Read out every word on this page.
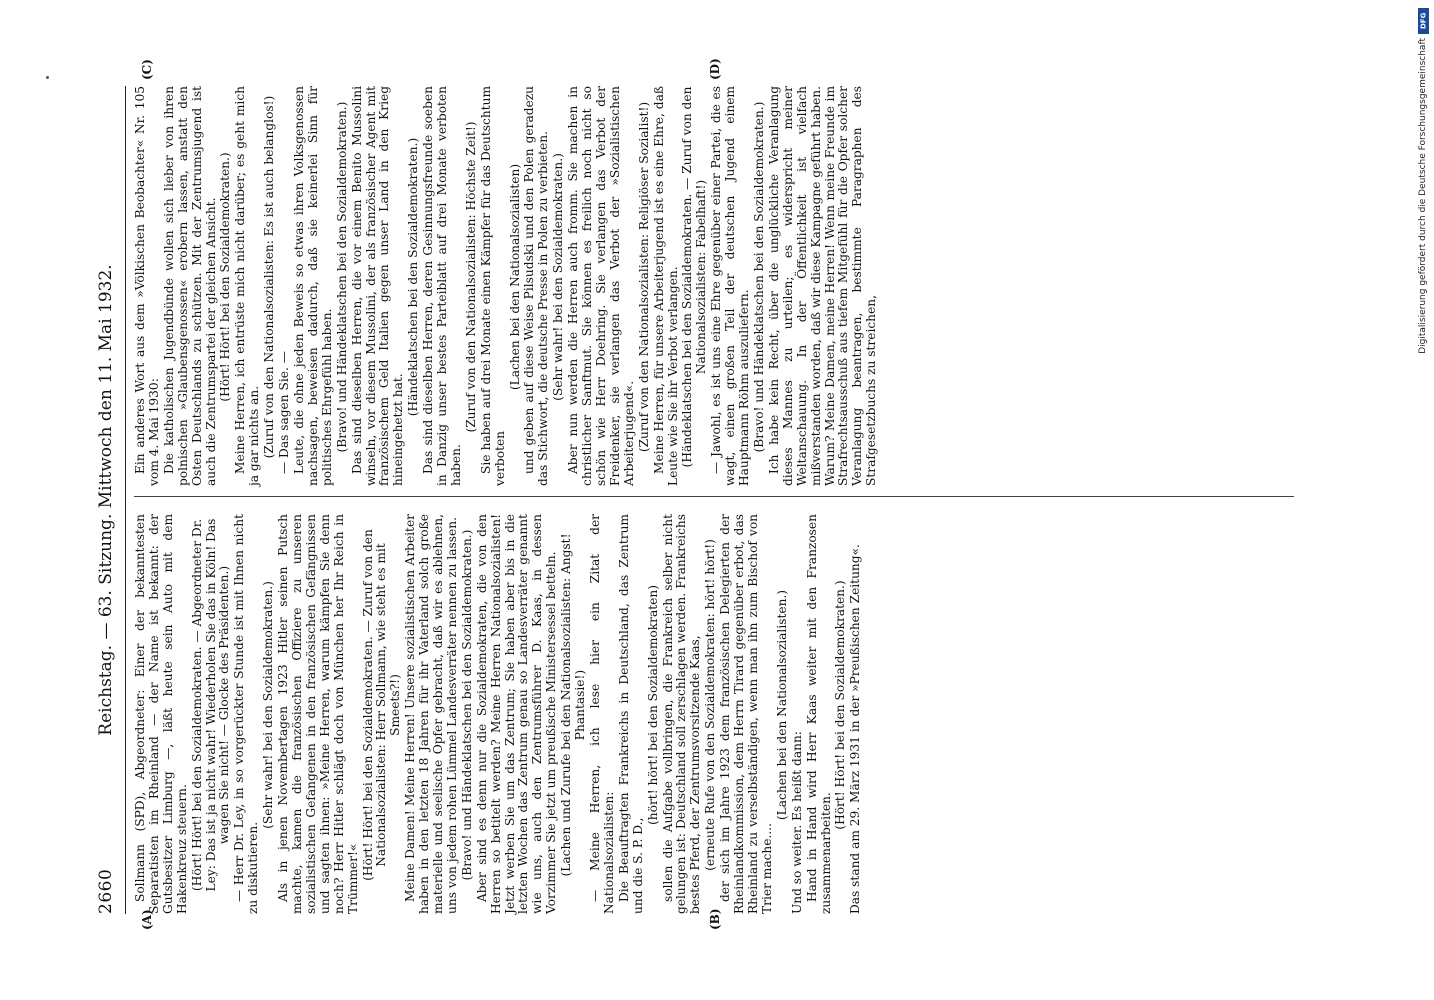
2660
Reichstag. — 63. Sitzung. Mittwoch den 11. Mai 1932.
(A)	(B)
(C)	(D)

Sollmann (SPD), Abgeordneter: Einer der bekanntesten Separatisten im Rheinland — der Name ist bekannt: der Gutsbesitzer Limburg —, läßt heute sein Auto mit dem Hakenkreuz steuern. (Hört! Hört! bei den Sozialdemokraten. — Abgeordneter Dr. Ley: Das ist ja nicht wahr! Wiederholen Sie das in Köln! Das wagen Sie nicht! — Glocke des Präsidenten.) — Herr Dr. Ley, in so vorgerückter Stunde ist mit Ihnen nicht zu diskutieren.

(Sehr wahr! bei den Sozialdemokraten.) Als in jenen Novembertagen 1923 Hitler seinen Putsch machte, kamen die französischen Offiziere zu unseren sozialistischen Gefangenen in den französischen Gefängnissen und sagten ihnen: »Meine Herren, warum kämpfen Sie denn noch? Herr Hitler schlägt doch von München her Ihr Reich in Trümmer!« (Hört! Hört! bei den Sozialdemokraten. — Zuruf von den Nationalsozialisten: Herr Sollmann, wie steht es mit Smeets?!) Meine Damen! Meine Herren! Unsere sozialistischen Arbeiter haben in den letzten 18 Jahren für ihr Vaterland solch große materielle und seelische Opfer gebracht, daß wir es ablehnen, uns von jedem rohen Lümmel Landesverräter nennen zu lassen. (Bravo! und Händeklatschen bei den Sozialdemokraten.) Aber sind es denn nur die Sozialdemokraten, die von den Herren so betitelt werden? Meine Herren Nationalsozialisten! Jetzt werben Sie um das Zentrum; Sie haben aber bis in die letzten Wochen das Zentrum genau so Landesverräter genannt wie uns, auch den Zentrumsführer D. Kaas, in dessen Vorzimmer Sie jetzt um preußische Ministersessel betteln. (Lachen und Zurufe bei den Nationalsozialisten: Angst! Phantasie!) — Meine Herren, ich lese hier ein Zitat der Nationalsozialisten: Die Beauftragten Frankreichs in Deutschland, das Zentrum und die S. P. D.,

(hört! hört! bei den Sozialdemokraten) sollen die Aufgabe vollbringen, die Frankreich selber nicht gelungen ist: Deutschland soll zerschlagen werden. Frankreichs bestes Pferd, der Zentrumsvorsitzende Kaas, (erneute Rufe von den Sozialdemokraten: hört! hört!) der sich im Jahre 1923 dem französischen Delegierten der Rheinlandkommission, dem Herrn Tirard gegenüber erbot, das Rheinland zu verselbständigen, wenn man ihn zum Bischof von Trier mache....

(Lachen bei den Nationalsozialisten.)

Und so weiter. Es heißt dann: Hand in Hand wird Herr Kaas weiter mit den Franzosen zusammenarbeiten.

(Hört! Hört! bei den Sozialdemokraten.) Das stand am 29. März 1931 in der »Preußischen Zeitung«.

Ein anderes Wort aus dem »Völkischen Beobachter« Nr. 105 vom 4. Mai 1930: Die katholischen Jugendbünde wollen sich lieber von ihren polnischen »Glaubensgenossen« erobern lassen, anstatt den Osten Deutschlands zu schützen. Mit der Zentrumsjugend ist auch die Zentrumspartei der gleichen Ansicht. (Hört! Hört! bei den Sozialdemokraten.) Meine Herren, ich entrüste mich nicht darüber; es geht mich ja gar nichts an. (Zuruf von den Nationalsozialisten: Es ist auch belanglos!) — Das sagen Sie. — Leute, die ohne jeden Beweis so etwas ihren Volksgenossen nachsagen, beweisen dadurch, daß sie keinerlei Sinn für politisches Ehrgefühl haben. (Bravo! und Händeklatschen bei den Sozialdemokraten.) Das sind dieselben Herren, die vor einem Benito Mussolini winseln, vor diesem Mussolini, der als französischer Agent mit französischem Geld Italien gegen unser Land in den Krieg hineingehetzt hat.

(Händeklatschen bei den Sozialdemokraten.) Das sind dieselben Herren, deren Gesinnungsfreunde soeben in Danzig unser bestes Parteiblatt auf drei Monate verboten haben.

(Zuruf von den Nationalsozialisten: Höchste Zeit!) Sie haben auf drei Monate einen Kämpfer für das Deutschtum verboten

(Lachen bei den Nationalsozialisten) und geben auf diese Weise Pilsudski und den Polen geradezu das Stichwort, die deutsche Presse in Polen zu verbieten. (Sehr wahr! bei den Sozialdemokraten.) Aber nun werden die Herren auch fromm. Sie machen in christlicher Sanftmut. Sie können es freilich noch nicht so schön wie Herr Doehring. Sie verlangen das Verbot der Freidenker, sie verlangen das Verbot der »Sozialistischen Arbeiterjugend«. (Zuruf von den Nationalsozialisten: Religiöser Sozialist!) Meine Herren, für unsere Arbeiterjugend ist es eine Ehre, daß Leute wie Sie ihr Verbot verlangen. (Händeklatschen bei den Sozialdemokraten. — Zuruf von den Nationalsozialisten: Fabelhaft!) — Jawohl, es ist uns eine Ehre gegenüber einer Partei, die es wagt, einen großen Teil der deutschen Jugend einem Hauptmann Röhm auszuliefern. (Bravo! und Händeklatschen bei den Sozialdemokraten.) Ich habe kein Recht, über die unglückliche Veranlagung dieses Mannes zu urteilen; es widerspricht meiner Weltanschauung. In der Öffentlichkeit ist vielfach mißverstanden worden, daß wir diese Kampagne geführt haben. Warum? Meine Damen, meine Herren! Wenn meine Freunde im Strafrechtsausschuß aus tiefem Mitgefühl für die Opfer solcher Veranlagung beantragen, bestimmte Paragraphen des Strafgesetzbuchs zu streichen,

DFG
Digitalisierung gefördert durch die Deutsche Forschungsgemeinschaft
